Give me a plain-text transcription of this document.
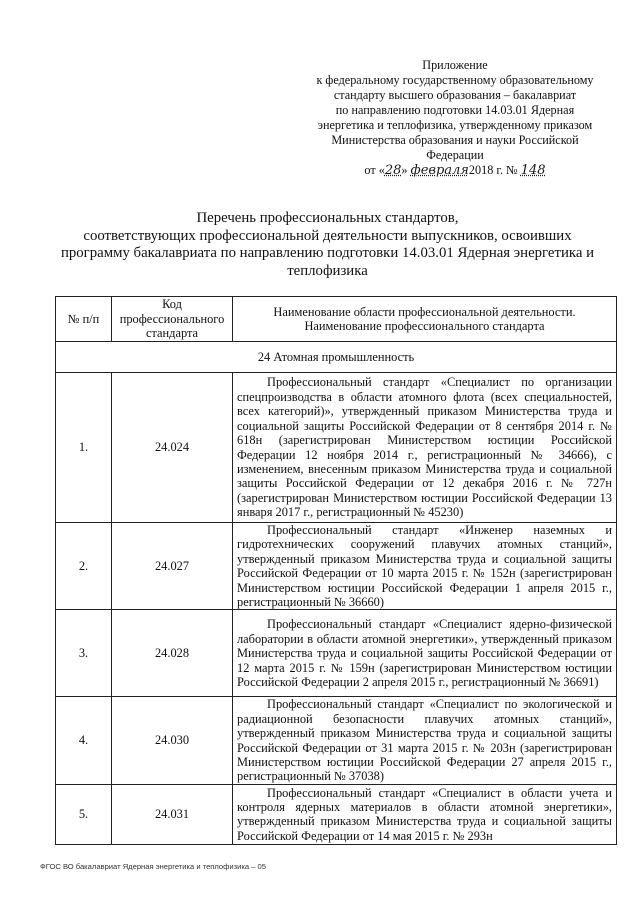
Приложение
к федеральному государственному образовательному
стандарту высшего образования – бакалавриат
по направлению подготовки 14.03.01 Ядерная
энергетика и теплофизика, утвержденному приказом
Министерства образования и науки Российской
Федерации
от «28» февраля2018 г. № 148
Перечень профессиональных стандартов,
соответствующих профессиональной деятельности выпускников, освоивших
программу бакалавриата по направлению подготовки 14.03.01 Ядерная энергетика и
теплофизика
№ п/п	Код профессионального стандарта	Наименование области профессиональной деятельности. Наименование профессионального стандарта
24 Атомная промышленность		
1.	24.024	Профессиональный стандарт «Специалист по организации спецпроизводства в области атомного флота (всех специальностей, всех категорий)», утвержденный приказом Министерства труда и социальной защиты Российской Федерации от 8 сентября 2014 г. № 618н (зарегистрирован Министерством юстиции Российской Федерации 12 ноября 2014 г., регистрационный № 34666), с изменением, внесенным приказом Министерства труда и социальной защиты Российской Федерации от 12 декабря 2016 г. № 727н (зарегистрирован Министерством юстиции Российской Федерации 13 января 2017 г., регистрационный № 45230)

2.	24.027	Профессиональный стандарт «Инженер наземных и гидротехнических сооружений плавучих атомных станций», утвержденный приказом Министерства труда и социальной защиты Российской Федерации от 10 марта 2015 г. № 152н (зарегистрирован Министерством юстиции Российской Федерации 1 апреля 2015 г., регистрационный № 36660)

3.	24.028	Профессиональный стандарт «Специалист ядерно-физической лаборатории в области атомной энергетики», утвержденный приказом Министерства труда и социальной защиты Российской Федерации от 12 марта 2015 г. № 159н (зарегистрирован Министерством юстиции Российской Федерации 2 апреля 2015 г., регистрационный № 36691)

4.	24.030	Профессиональный стандарт «Специалист по экологической и радиационной безопасности плавучих атомных станций», утвержденный приказом Министерства труда и социальной защиты Российской Федерации от 31 марта 2015 г. № 203н (зарегистрирован Министерством юстиции Российской Федерации 27 апреля 2015 г., регистрационный № 37038)

5.	24.031	Профессиональный стандарт «Специалист в области учета и контроля ядерных материалов в области атомной энергетики», утвержденный приказом Министерства труда и социальной защиты Российской Федерации от 14 мая 2015 г. № 293н
ФГОС ВО бакалавриат Ядерная энергетика и теплофизика – 05
